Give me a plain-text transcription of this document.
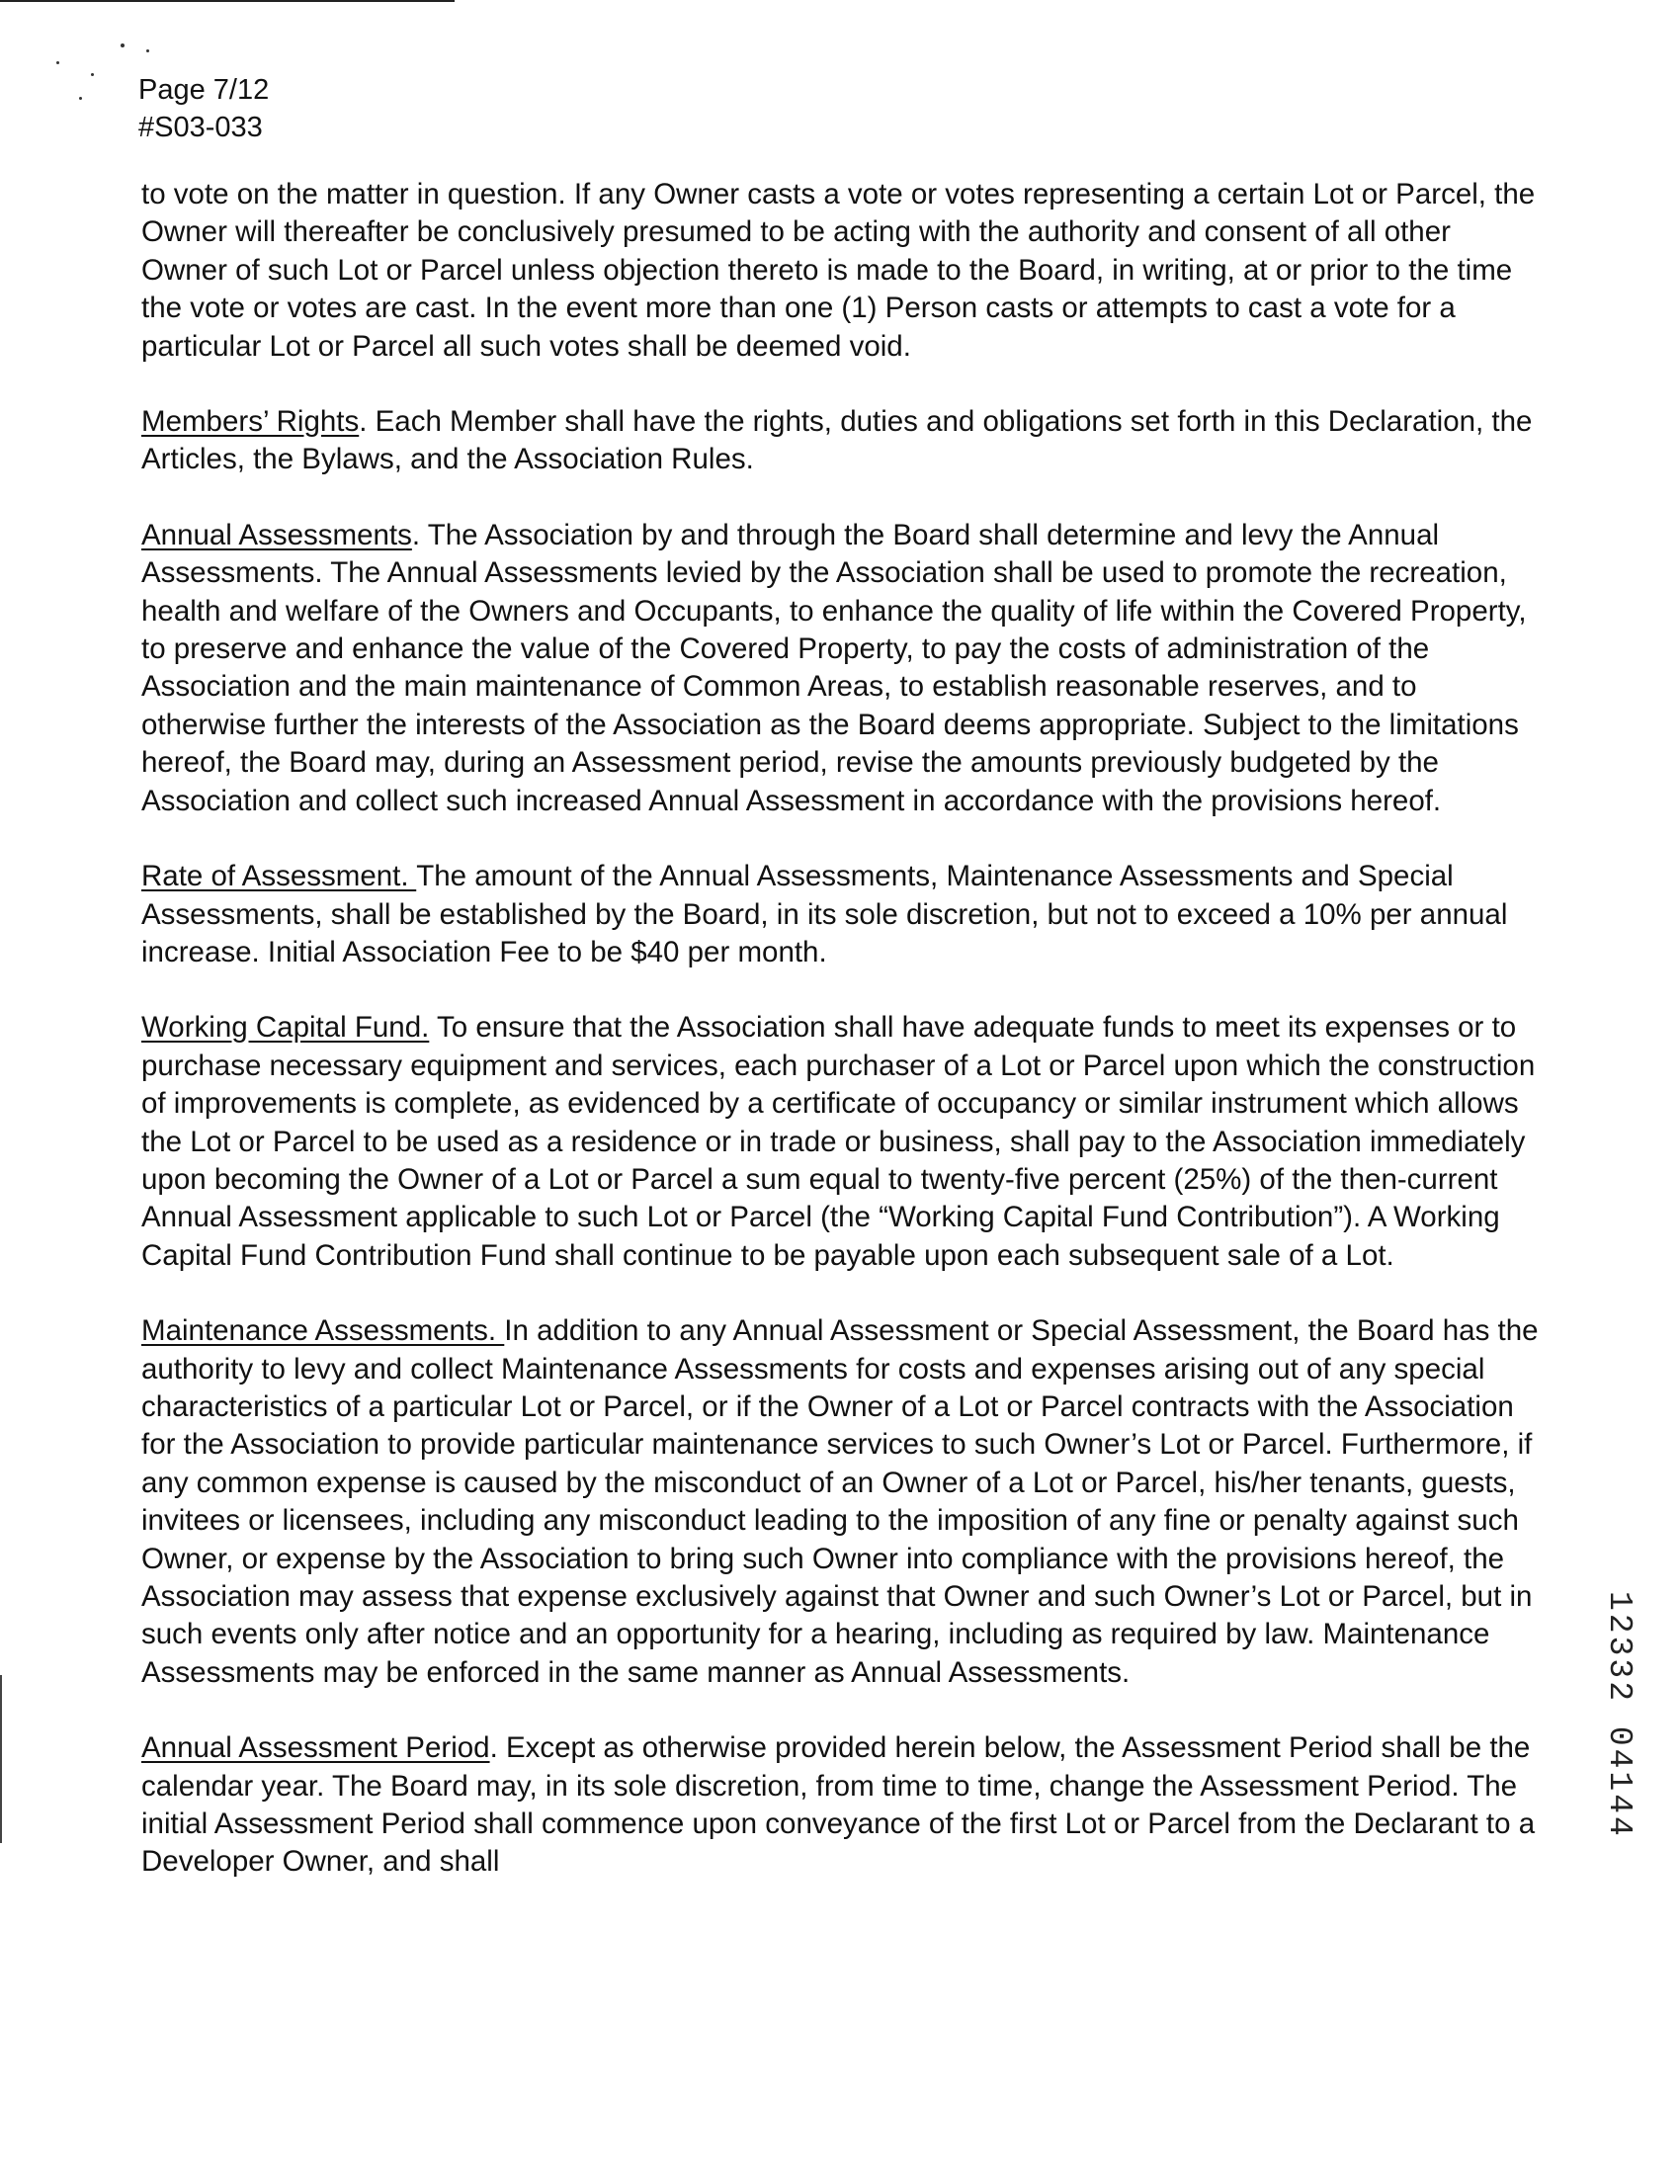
Page 7/12
#S03-033

to vote on the matter in question. If any Owner casts a vote or votes representing a certain Lot or Parcel, the Owner will thereafter be conclusively presumed to be acting with the authority and consent of all other Owner of such Lot or Parcel unless objection thereto is made to the Board, in writing, at or prior to the time the vote or votes are cast. In the event more than one (1) Person casts or attempts to cast a vote for a particular Lot or Parcel all such votes shall be deemed void.

Members’ Rights. Each Member shall have the rights, duties and obligations set forth in this Declaration, the Articles, the Bylaws, and the Association Rules.

Annual Assessments. The Association by and through the Board shall determine and levy the Annual Assessments. The Annual Assessments levied by the Association shall be used to promote the recreation, health and welfare of the Owners and Occupants, to enhance the quality of life within the Covered Property, to preserve and enhance the value of the Covered Property, to pay the costs of administration of the Association and the main maintenance of Common Areas, to establish reasonable reserves, and to otherwise further the interests of the Association as the Board deems appropriate. Subject to the limitations hereof, the Board may, during an Assessment period, revise the amounts previously budgeted by the Association and collect such increased Annual Assessment in accordance with the provisions hereof.

Rate of Assessment. The amount of the Annual Assessments, Maintenance Assessments and Special Assessments, shall be established by the Board, in its sole discretion, but not to exceed a 10% per annual increase. Initial Association Fee to be $40 per month.

Working Capital Fund. To ensure that the Association shall have adequate funds to meet its expenses or to purchase necessary equipment and services, each purchaser of a Lot or Parcel upon which the construction of improvements is complete, as evidenced by a certificate of occupancy or similar instrument which allows the Lot or Parcel to be used as a residence or in trade or business, shall pay to the Association immediately upon becoming the Owner of a Lot or Parcel a sum equal to twenty-five percent (25%) of the then-current Annual Assessment applicable to such Lot or Parcel (the “Working Capital Fund Contribution”). A Working Capital Fund Contribution Fund shall continue to be payable upon each subsequent sale of a Lot.

Maintenance Assessments. In addition to any Annual Assessment or Special Assessment, the Board has the authority to levy and collect Maintenance Assessments for costs and expenses arising out of any special characteristics of a particular Lot or Parcel, or if the Owner of a Lot or Parcel contracts with the Association for the Association to provide particular maintenance services to such Owner’s Lot or Parcel. Furthermore, if any common expense is caused by the misconduct of an Owner of a Lot or Parcel, his/her tenants, guests, invitees or licensees, including any misconduct leading to the imposition of any fine or penalty against such Owner, or expense by the Association to bring such Owner into compliance with the provisions hereof, the Association may assess that expense exclusively against that Owner and such Owner’s Lot or Parcel, but in such events only after notice and an opportunity for a hearing, including as required by law. Maintenance Assessments may be enforced in the same manner as Annual Assessments.

Annual Assessment Period. Except as otherwise provided herein below, the Assessment Period shall be the calendar year. The Board may, in its sole discretion, from time to time, change the Assessment Period. The initial Assessment Period shall commence upon conveyance of the first Lot or Parcel from the Declarant to a Developer Owner, and shall

12332 04144
